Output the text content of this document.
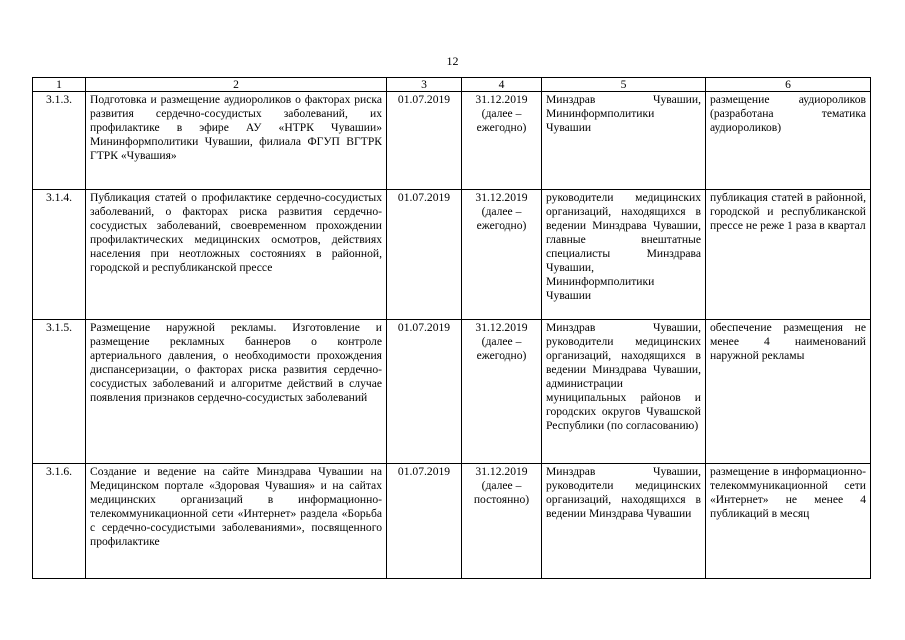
12
1	2	3	4	5	6
3.1.3.	Подготовка и размещение аудиороликов о факторах риска развития сердечно-сосудистых заболеваний, их профилактике в эфире АУ «НТРК Чувашии» Мининформполитики Чувашии, филиала ФГУП ВГТРК ГТРК «Чувашия»	01.07.2019	31.12.2019 (далее – ежегодно)	Минздрав Чувашии, Мининформполитики Чувашии	размещение аудиороликов (разработана тематика аудиороликов)
3.1.4.	Публикация статей о профилактике сердечно-сосудистых заболеваний, о факторах риска развития сердечно-сосудистых заболеваний, своевременном прохождении профилактических медицинских осмотров, действиях населения при неотложных состояниях в районной, городской и республиканской прессе	01.07.2019	31.12.2019 (далее – ежегодно)	руководители медицинских организаций, находящихся в ведении Минздрава Чувашии, главные внештатные специалисты Минздрава Чувашии, Мининформполитики Чувашии	публикация статей в районной, городской и республиканской прессе не реже 1 раза в квартал
3.1.5.	Размещение наружной рекламы. Изготовление и размещение рекламных баннеров о контроле артериального давления, о необходимости прохождения диспансеризации, о факторах риска развития сердечно-сосудистых заболеваний и алгоритме действий в случае появления признаков сердечно-сосудистых заболеваний	01.07.2019	31.12.2019 (далее – ежегодно)	Минздрав Чувашии, руководители медицинских организаций, находящихся в ведении Минздрава Чувашии, администрации муниципальных районов и городских округов Чувашской Республики (по согласованию)	обеспечение размещения не менее 4 наименований наружной рекламы
3.1.6.	Создание и ведение на сайте Минздрава Чувашии на Медицинском портале «Здоровая Чувашия» и на сайтах медицинских организаций в информационно-телекоммуникационной сети «Интернет» раздела «Борьба с сердечно-сосудистыми заболеваниями», посвященного профилактике	01.07.2019	31.12.2019 (далее – постоянно)	Минздрав Чувашии, руководители медицинских организаций, находящихся в ведении Минздрава Чувашии	размещение в информационно-телекоммуникационной сети «Интернет» не менее 4 публикаций в месяц
